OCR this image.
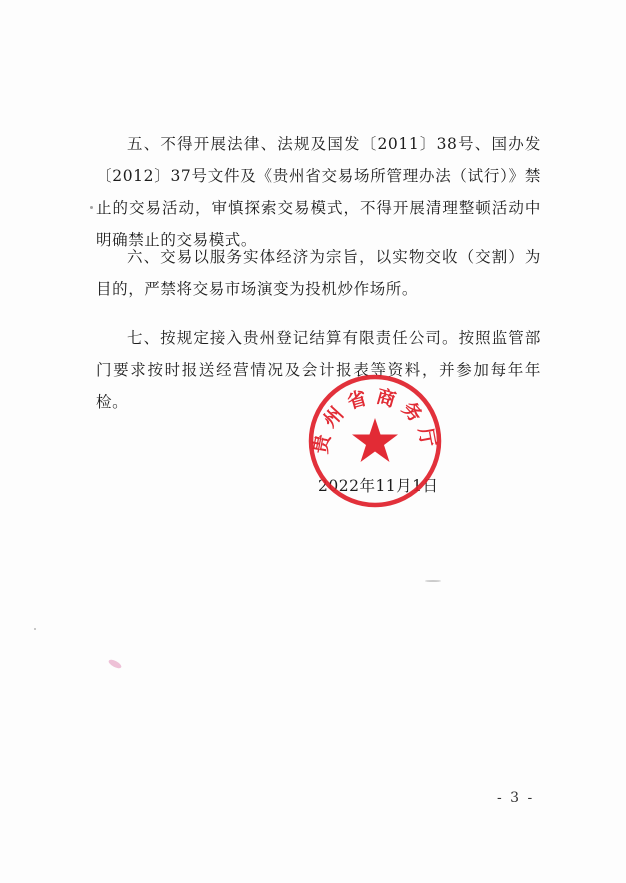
五、不得开展法律、法规及国发〔2011〕38号、国办发〔2012〕37号文件及《贵州省交易场所管理办法（试行）》禁止的交易活动，审慎探索交易模式，不得开展清理整顿活动中明确禁止的交易模式。

六、交易以服务实体经济为宗旨，以实物交收（交割）为目的，严禁将交易市场演变为投机炒作场所。

七、按规定接入贵州登记结算有限责任公司。按照监管部门要求按时报送经营情况及会计报表等资料，并参加每年年检。

2022年11月1日
贵州省商务厅
- 3 -
